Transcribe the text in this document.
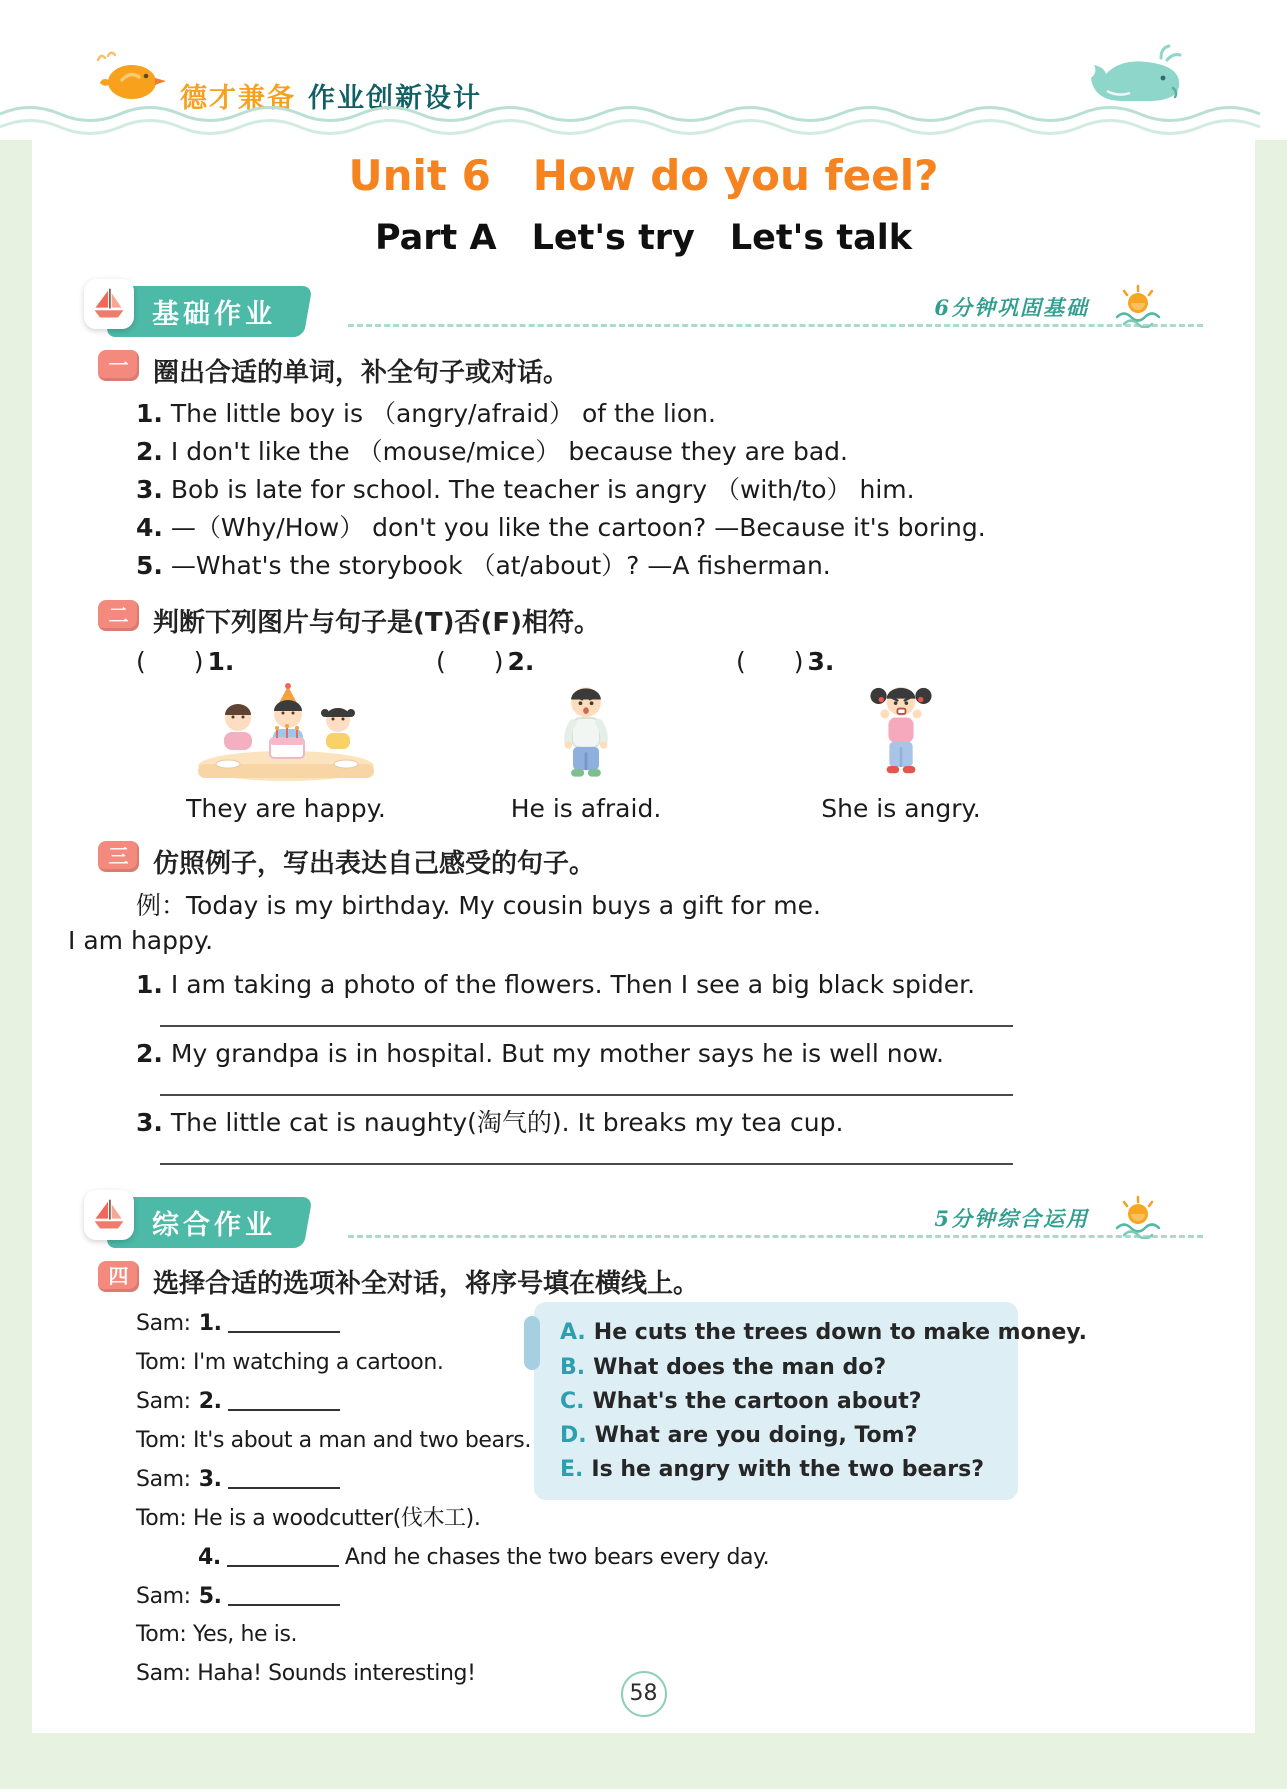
德才兼备 作业创新设计
Unit 6　How do you feel?
Part A　Let's try　Let's talk
基础作业	6分钟巩固基础
一 圈出合适的单词，补全句子或对话。
1. The little boy is （angry/afraid） of the lion.
2. I don't like the （mouse/mice） because they are bad.
3. Bob is late for school. The teacher is angry （with/to） him.
4. —（Why/How） don't you like the cartoon? —Because it's boring.
5. —What's the storybook （at/about）? —A fisherman.
二 判断下列图片与句子是(T)否(F)相符。
( ) 1.
They are happy.
( ) 2.
He is afraid.
( ) 3.
She is angry.
三 仿照例子，写出表达自己感受的句子。
例：Today is my birthday. My cousin buys a gift for me.
I am happy.
1. I am taking a photo of the flowers. Then I see a big black spider.
2. My grandpa is in hospital. But my mother says he is well now.
3. The little cat is naughty(淘气的). It breaks my tea cup.
综合作业	5分钟综合运用
四 选择合适的选项补全对话，将序号填在横线上。
Sam: 1.
Tom: I'm watching a cartoon.
Sam: 2.
Tom: It's about a man and two bears.
Sam: 3.
Tom: He is a woodcutter(伐木工).
4.	And he chases the two bears every day.
Sam: 5.
Tom: Yes, he is.
Sam: Haha! Sounds interesting!
A. He cuts the trees down to make money.
B. What does the man do?
C. What's the cartoon about?
D. What are you doing, Tom?
E. Is he angry with the two bears?
58
